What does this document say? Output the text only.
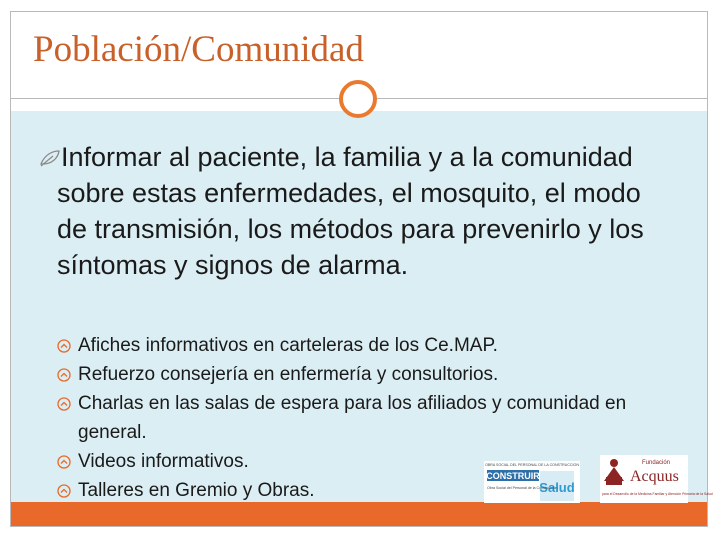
Población/Comunidad

Informar al paciente, la familia y a la comunidad sobre estas enfermedades, el mosquito, el modo de transmisión, los métodos para prevenirlo y los síntomas y signos de alarma.

Afiches informativos en carteleras de los Ce.MAP.
Refuerzo consejería en enfermería y consultorios.
Charlas en las salas de espera para los afiliados y comunidad en general.
Videos informativos.
Talleres en Gremio y Obras.
OBRA SOCIAL DEL PERSONAL DE LA CONSTRUCCION
CONSTRUIR
Salud
Obra Social del Personal de la Construcción
Fundación
Acquus
para el Desarrollo de la Medicina Familiar y Atención Primaria de la Salud
